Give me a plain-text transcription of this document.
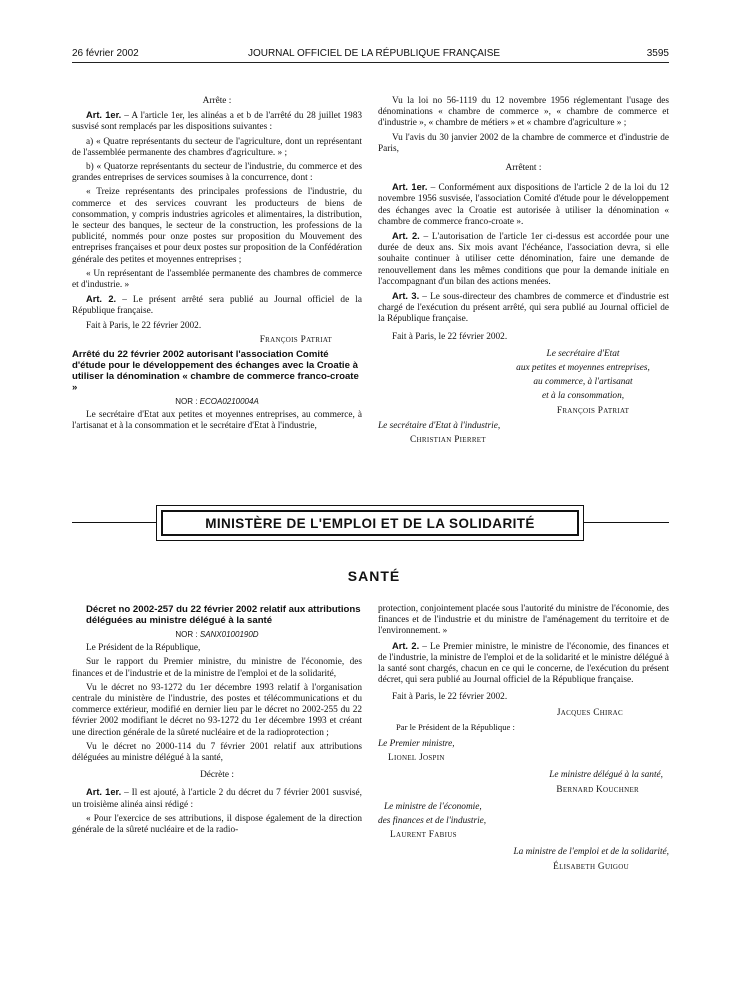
26 février 2002	JOURNAL OFFICIEL DE LA RÉPUBLIQUE FRANÇAISE	3595

Arrête :

Art. 1er. – A l'article 1er, les alinéas a et b de l'arrêté du 28 juillet 1983 susvisé sont remplacés par les dispositions suivantes :

a) « Quatre représentants du secteur de l'agriculture, dont un représentant de l'assemblée permanente des chambres d'agriculture. » ;

b) « Quatorze représentants du secteur de l'industrie, du commerce et des grandes entreprises de services soumises à la concurrence, dont :

« Treize représentants des principales professions de l'industrie, du commerce et des services couvrant les producteurs de biens de consommation, y compris industries agricoles et alimentaires, la distribution, le secteur des banques, le secteur de la construction, les professions de la publicité, nommés pour onze postes sur proposition du Mouvement des entreprises françaises et pour deux postes sur proposition de la Confédération générale des petites et moyennes entreprises ;

« Un représentant de l'assemblée permanente des chambres de commerce et d'industrie. »

Art. 2. – Le présent arrêté sera publié au Journal officiel de la République française.

Fait à Paris, le 22 février 2002.

François Patriat

Arrêté du 22 février 2002 autorisant l'association Comité d'étude pour le développement des échanges avec la Croatie à utiliser la dénomination « chambre de commerce franco-croate »

NOR : ECOA0210004A

Le secrétaire d'Etat aux petites et moyennes entreprises, au commerce, à l'artisanat et à la consommation et le secrétaire d'Etat à l'industrie,

Vu la loi no 56-1119 du 12 novembre 1956 réglementant l'usage des dénominations « chambre de commerce », « chambre de commerce et d'industrie », « chambre de métiers » et « chambre d'agriculture » ;

Vu l'avis du 30 janvier 2002 de la chambre de commerce et d'industrie de Paris,

Arrêtent :

Art. 1er. – Conformément aux dispositions de l'article 2 de la loi du 12 novembre 1956 susvisée, l'association Comité d'étude pour le développement des échanges avec la Croatie est autorisée à utiliser la dénomination « chambre de commerce franco-croate ».

Art. 2. – L'autorisation de l'article 1er ci-dessus est accordée pour une durée de deux ans. Six mois avant l'échéance, l'association devra, si elle souhaite continuer à utiliser cette dénomination, faire une demande de renouvellement dans les mêmes conditions que pour la demande initiale en l'accompagnant d'un bilan des actions menées.

Art. 3. – Le sous-directeur des chambres de commerce et d'industrie est chargé de l'exécution du présent arrêté, qui sera publié au Journal officiel de la République française.

Fait à Paris, le 22 février 2002.

Le secrétaire d'Etat

aux petites et moyennes entreprises,

au commerce, à l'artisanat

et à la consommation,

François Patriat

Le secrétaire d'Etat à l'industrie,

Christian Pierret

MINISTÈRE DE L'EMPLOI ET DE LA SOLIDARITÉ
SANTÉ

Décret no 2002-257 du 22 février 2002 relatif aux attributions déléguées au ministre délégué à la santé

NOR : SANX0100190D

Le Président de la République,

Sur le rapport du Premier ministre, du ministre de l'économie, des finances et de l'industrie et de la ministre de l'emploi et de la solidarité,

Vu le décret no 93-1272 du 1er décembre 1993 relatif à l'organisation centrale du ministère de l'industrie, des postes et télécommunications et du commerce extérieur, modifié en dernier lieu par le décret no 2002-255 du 22 février 2002 modifiant le décret no 93-1272 du 1er décembre 1993 et créant une direction générale de la sûreté nucléaire et de la radioprotection ;

Vu le décret no 2000-114 du 7 février 2001 relatif aux attributions déléguées au ministre délégué à la santé,

Décrète :

Art. 1er. – Il est ajouté, à l'article 2 du décret du 7 février 2001 susvisé, un troisième alinéa ainsi rédigé :

« Pour l'exercice de ses attributions, il dispose également de la direction générale de la sûreté nucléaire et de la radio-

protection, conjointement placée sous l'autorité du ministre de l'économie, des finances et de l'industrie et du ministre de l'aménagement du territoire et de l'environnement. »

Art. 2. – Le Premier ministre, le ministre de l'économie, des finances et de l'industrie, la ministre de l'emploi et de la solidarité et le ministre délégué à la santé sont chargés, chacun en ce qui le concerne, de l'exécution du présent décret, qui sera publié au Journal officiel de la République française.

Fait à Paris, le 22 février 2002.

Jacques Chirac

Par le Président de la République :

Le Premier ministre,

Lionel Jospin

Le ministre délégué à la santé,

Bernard Kouchner

Le ministre de l'économie,

des finances et de l'industrie,

Laurent Fabius

La ministre de l'emploi et de la solidarité,

Élisabeth Guigou
